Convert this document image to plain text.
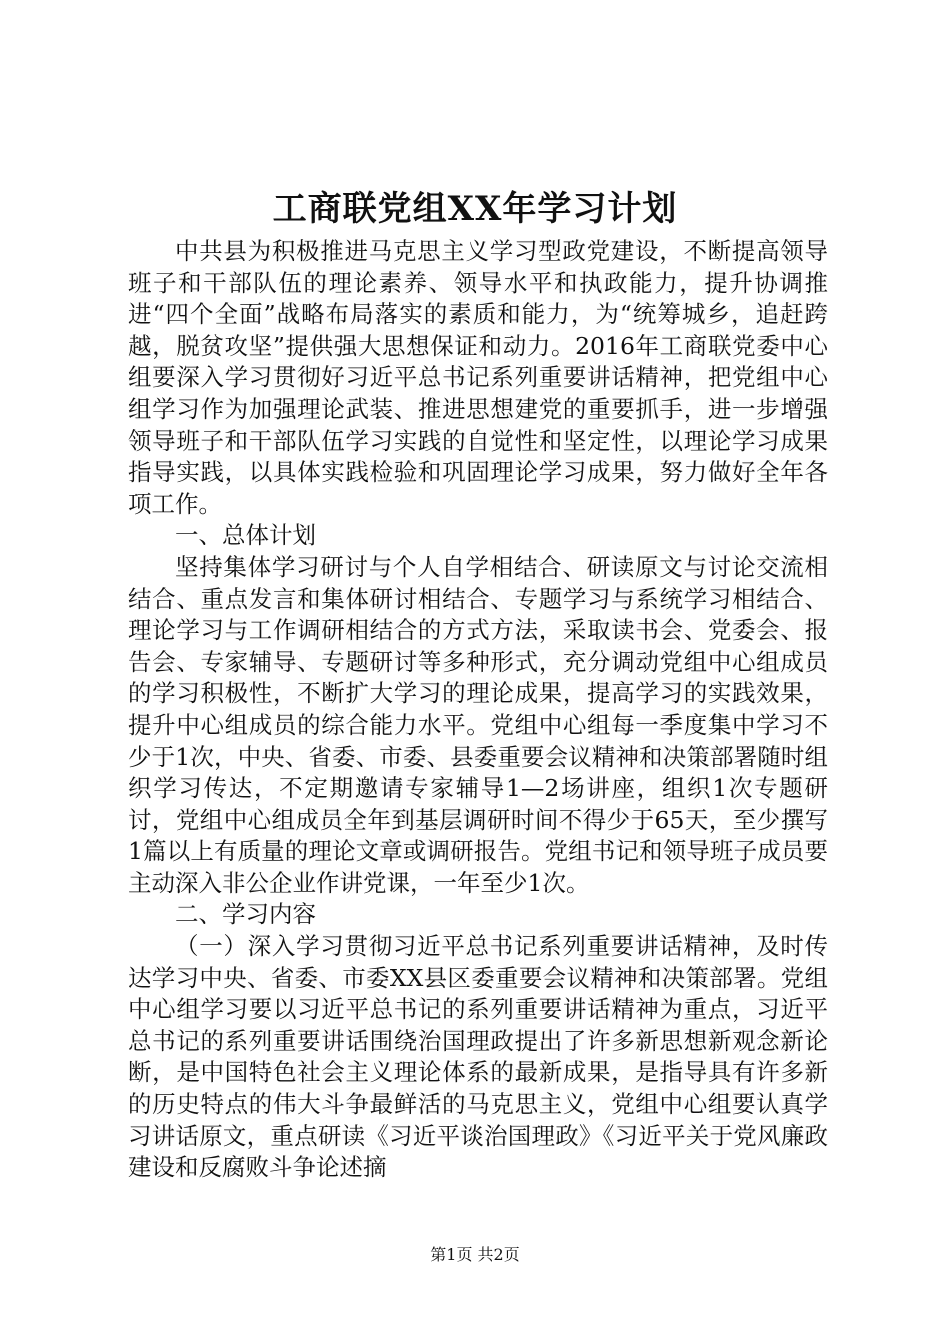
工商联党组XX年学习计划

中共县为积极推进马克思主义学习型政党建设，不断提高领导班子和干部队伍的理论素养、领导水平和执政能力，提升协调推进“四个全面”战略布局落实的素质和能力，为“统筹城乡，追赶跨越，脱贫攻坚”提供强大思想保证和动力。2016年工商联党委中心组要深入学习贯彻好习近平总书记系列重要讲话精神，把党组中心组学习作为加强理论武装、推进思想建党的重要抓手，进一步增强领导班子和干部队伍学习实践的自觉性和坚定性，以理论学习成果指导实践，以具体实践检验和巩固理论学习成果，努力做好全年各项工作。

一、总体计划

坚持集体学习研讨与个人自学相结合、研读原文与讨论交流相结合、重点发言和集体研讨相结合、专题学习与系统学习相结合、理论学习与工作调研相结合的方式方法，采取读书会、党委会、报告会、专家辅导、专题研讨等多种形式，充分调动党组中心组成员的学习积极性，不断扩大学习的理论成果，提高学习的实践效果，提升中心组成员的综合能力水平。党组中心组每一季度集中学习不少于1次，中央、省委、市委、县委重要会议精神和决策部署随时组织学习传达，不定期邀请专家辅导1—2场讲座，组织1次专题研讨，党组中心组成员全年到基层调研时间不得少于65天，至少撰写1篇以上有质量的理论文章或调研报告。党组书记和领导班子成员要主动深入非公企业作讲党课，一年至少1次。

二、学习内容

（一）深入学习贯彻习近平总书记系列重要讲话精神，及时传达学习中央、省委、市委XX县区委重要会议精神和决策部署。党组中心组学习要以习近平总书记的系列重要讲话精神为重点，习近平总书记的系列重要讲话围绕治国理政提出了许多新思想新观念新论断，是中国特色社会主义理论体系的最新成果，是指导具有许多新的历史特点的伟大斗争最鲜活的马克思主义，党组中心组要认真学习讲话原文，重点研读《习近平谈治国理政》《习近平关于党风廉政建设和反腐败斗争论述摘

第1页 共2页
